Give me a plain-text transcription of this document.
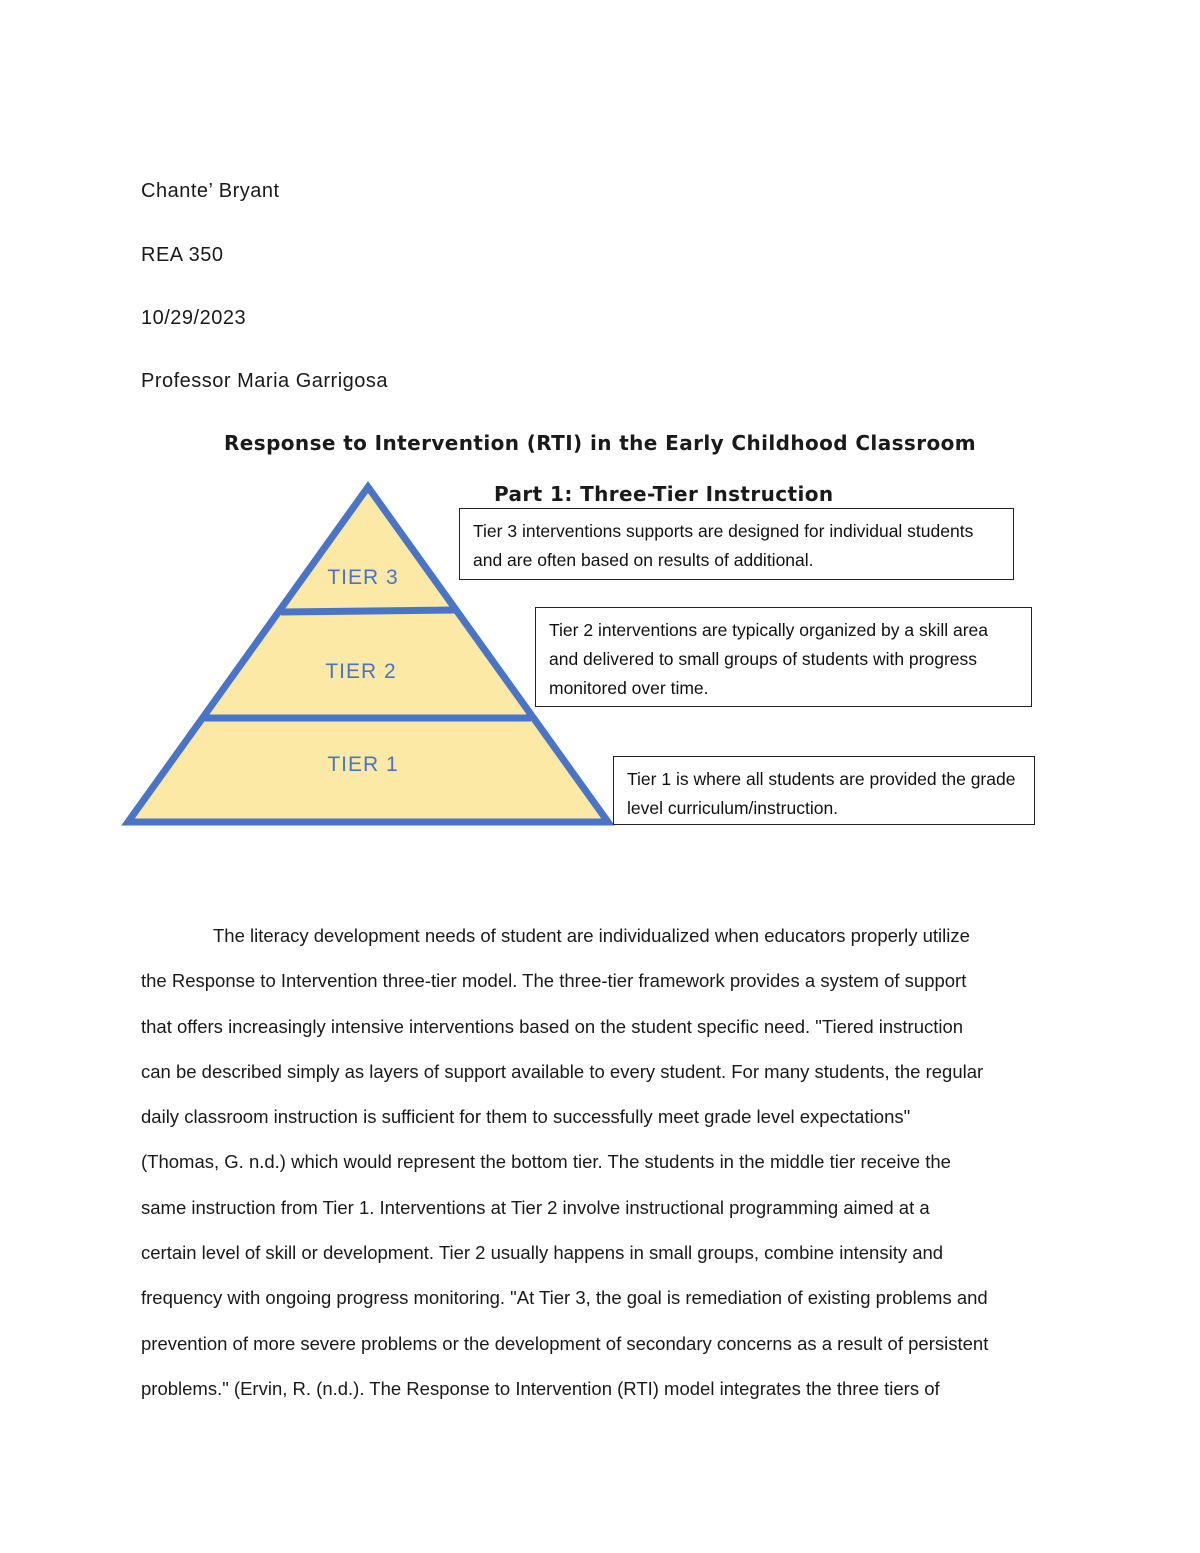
Chante’ Bryant
REA 350
10/29/2023
Professor Maria Garrigosa
Response to Intervention (RTI) in the Early Childhood Classroom
Part 1: Three-Tier Instruction
TIER 3
TIER 2
TIER 1
Tier 3 interventions supports are designed for individual students and are often based on results of additional.
Tier 2 interventions are typically organized by a skill area and delivered to small groups of students with progress monitored over time.
Tier 1 is where all students are provided the grade level curriculum/instruction.
The literacy development needs of student are individualized when educators properly utilize
the Response to Intervention three-tier model. The three-tier framework provides a system of support
that offers increasingly intensive interventions based on the student specific need. "Tiered instruction
can be described simply as layers of support available to every student. For many students, the regular
daily classroom instruction is sufficient for them to successfully meet grade level expectations"
(Thomas, G. n.d.) which would represent the bottom tier. The students in the middle tier receive the
same instruction from Tier 1. Interventions at Tier 2 involve instructional programming aimed at a
certain level of skill or development. Tier 2 usually happens in small groups, combine intensity and
frequency with ongoing progress monitoring. "At Tier 3, the goal is remediation of existing problems and
prevention of more severe problems or the development of secondary concerns as a result of persistent
problems." (Ervin, R. (n.d.). The Response to Intervention (RTI) model integrates the three tiers of
